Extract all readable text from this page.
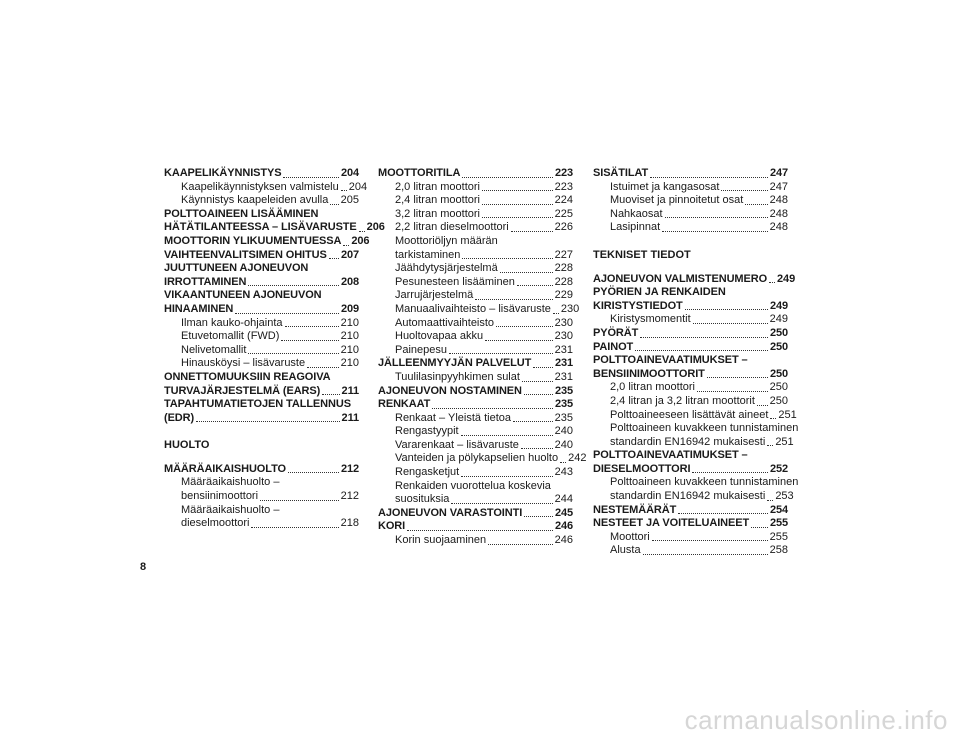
KAAPELIKÄYNNISTYS	204
Kaapelikäynnistyksen valmistelu 204
Käynnistys kaapeleiden avulla 205
POLTTOAINEEN LISÄÄMINEN
HÄTÄTILANTEESSA – LISÄVARUSTE 206
MOOTTORIN YLIKUUMENTUESSA 206
VAIHTEENVALITSIMEN OHITUS 207
JUUTTUNEEN AJONEUVON
IRROTTAMINEN	208
VIKAANTUNEEN AJONEUVON
HINAAMINEN	209
Ilman kauko-ohjainta	210
Etuvetomallit (FWD)	210
Nelivetomallit	210
Hinausköysi – lisävaruste	210
ONNETTOMUUKSIIN REAGOIVA
TURVAJÄRJESTELMÄ (EARS) 211
TAPAHTUMATIETOJEN TALLENNUS
(EDR)	211
HUOLTO
MÄÄRÄAIKAISHUOLTO	212
Määräaikaishuolto –
bensiinimoottori	212
Määräaikaishuolto –
dieselmoottori	218
MOOTTORITILA	223
2,0 litran moottori	223
2,4 litran moottori	224
3,2 litran moottori	225
2,2 litran dieselmoottori	226
Moottoriöljyn määrän
tarkistaminen	227
Jäähdytysjärjestelmä	228
Pesunesteen lisääminen	228
Jarrujärjestelmä	229
Manuaalivaihteisto – lisävaruste 230
Automaattivaihteisto	230
Huoltovapaa akku	230
Painepesu	231
JÄLLEENMYYJÄN PALVELUT 231
Tuulilasinpyyhkimen sulat	231
AJONEUVON NOSTAMINEN	235
RENKAAT	235
Renkaat – Yleistä tietoa	235
Rengastyypit	240
Vararenkaat – lisävaruste	240
Vanteiden ja pölykapselien huolto 242
Rengasketjut	243
Renkaiden vuorottelua koskevia
suosituksia	244
AJONEUVON VARASTOINTI	245
KORI	246
Korin suojaaminen	246
SISÄTILAT	247
Istuimet ja kangasosat	247
Muoviset ja pinnoitetut osat 248
Nahkaosat	248
Lasipinnat	248
TEKNISET TIEDOT
AJONEUVON VALMISTENUMERO 249
PYÖRIEN JA RENKAIDEN
KIRISTYSTIEDOT	249
Kiristysmomentit	249
PYÖRÄT	250
PAINOT	250
POLTTOAINEVAATIMUKSET –
BENSIINIMOOTTORIT	250
2,0 litran moottori	250
2,4 litran ja 3,2 litran moottorit 250
Polttoaineeseen lisättävät aineet 251
Polttoaineen kuvakkeen tunnistaminen
standardin EN16942 mukaisesti 251
POLTTOAINEVAATIMUKSET –
DIESELMOOTTORI	252
Polttoaineen kuvakkeen tunnistaminen
standardin EN16942 mukaisesti 253
NESTEMÄÄRÄT	254
NESTEET JA VOITELUAINEET 255
Moottori	255
Alusta	258
8
carmanualsonline.info
